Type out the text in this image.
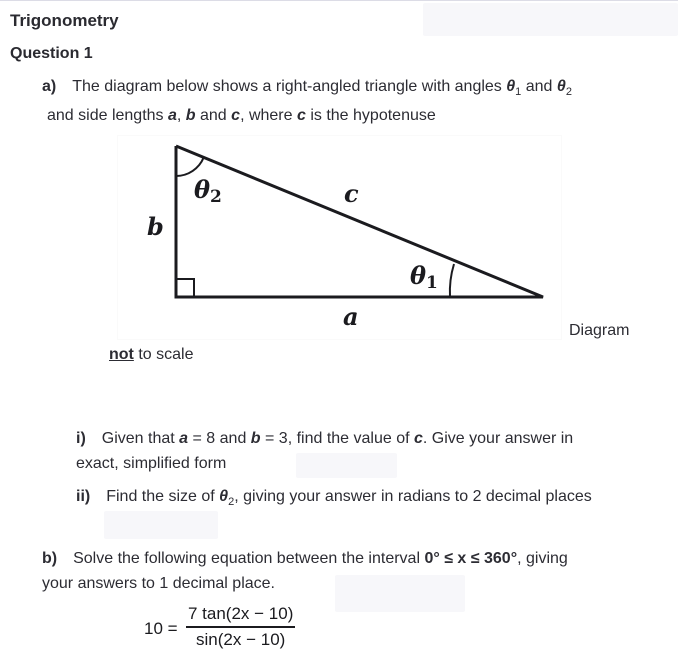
Trigonometry
Question 1
a) The diagram below shows a right-angled triangle with angles $\theta_1$ and $\theta_2$
and side lengths a, b and c, where c is the hypotenuse
θ2
θ1
b
c
a	Diagram
not to scale
i) Given that a = 8 and b = 3, find the value of c. Give your answer in
exact, simplified form
ii) Find the size of $\theta_2$, giving your answer in radians to 2 decimal places
b) Solve the following equation between the interval 0° ≤ x ≤ 360°, giving
your answers to 1 decimal place.
10 =
7 tan(2x − 10)
sin(2x − 10)
